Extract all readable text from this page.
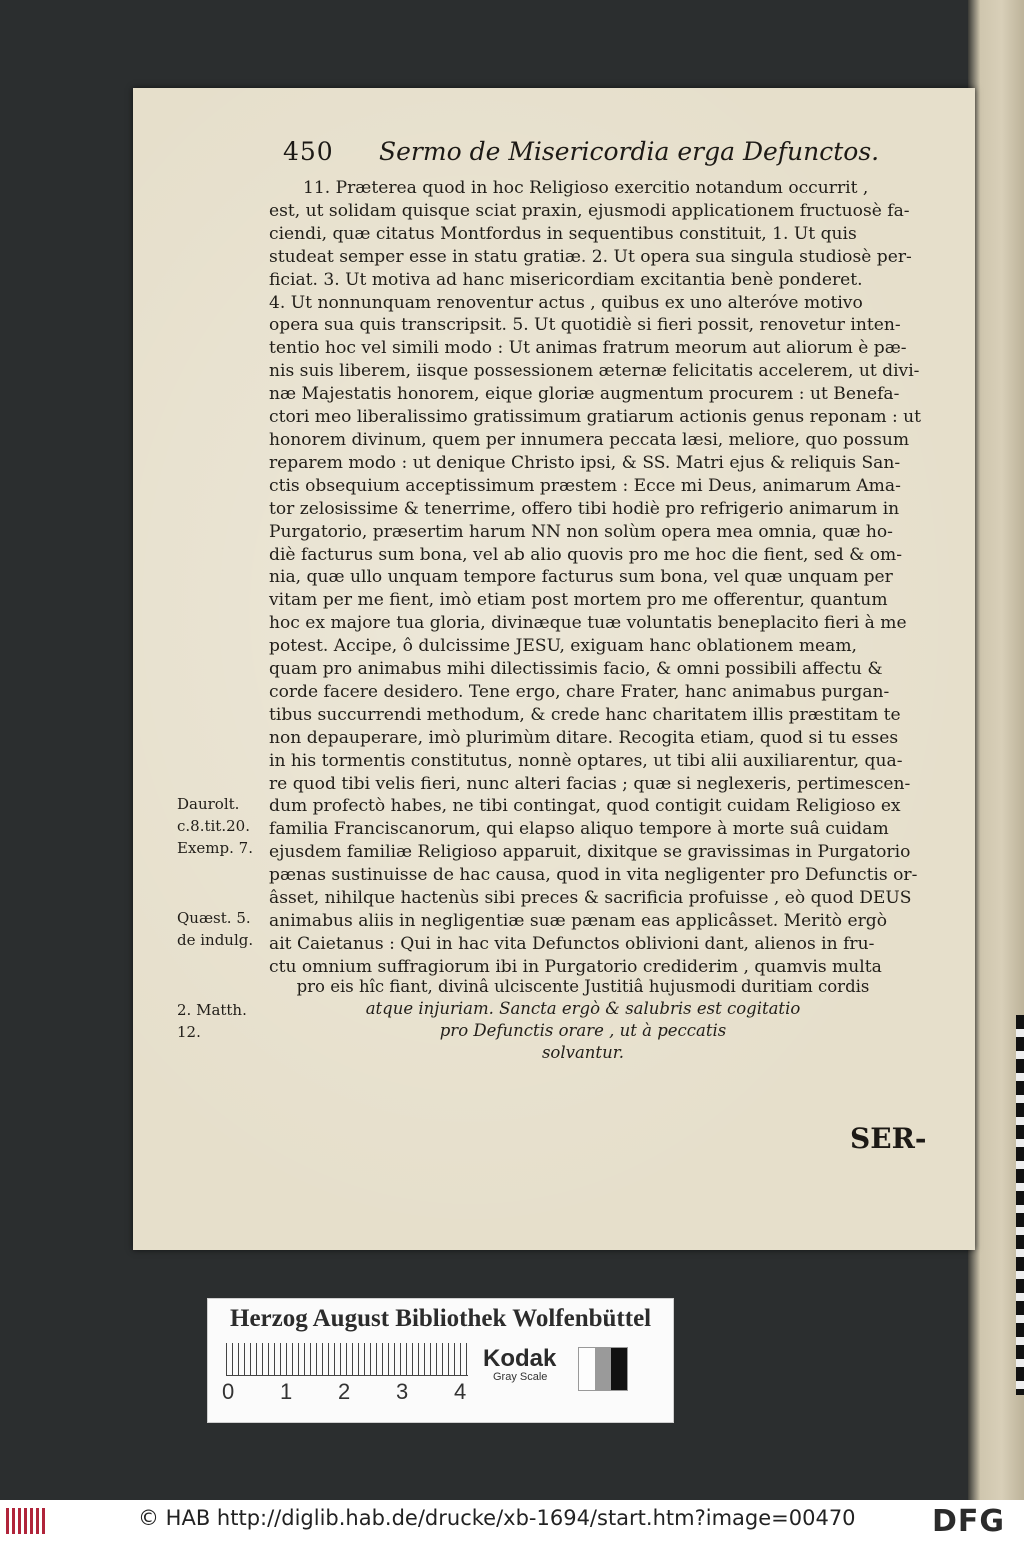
450 Sermo de Misericordia erga Defunctos.
11. Præterea quod in hoc Religioso exercitio notandum occurrit ,
est, ut solidam quisque sciat praxin, ejusmodi applicationem fructuosè fa-
ciendi, quæ citatus Montfordus in sequentibus constituit, 1. Ut quis
studeat semper esse in statu gratiæ. 2. Ut opera sua singula studiosè per-
ficiat. 3. Ut motiva ad hanc misericordiam excitantia benè ponderet.
4. Ut nonnunquam renoventur actus , quibus ex uno alteróve motivo
opera sua quis transcripsit. 5. Ut quotidiè si fieri possit, renovetur inten-
tentio hoc vel simili modo : Ut animas fratrum meorum aut aliorum è pæ-
nis suis liberem, iisque possessionem æternæ felicitatis accelerem, ut divi-
næ Majestatis honorem, eique gloriæ augmentum procurem : ut Benefa-
ctori meo liberalissimo gratissimum gratiarum actionis genus reponam : ut
honorem divinum, quem per innumera peccata læsi, meliore, quo possum
reparem modo : ut denique Christo ipsi, & SS. Matri ejus & reliquis San-
ctis obsequium acceptissimum præstem : Ecce mi Deus, animarum Ama-
tor zelosissime & tenerrime, offero tibi hodiè pro refrigerio animarum in
Purgatorio, præsertim harum NN non solùm opera mea omnia, quæ ho-
diè facturus sum bona, vel ab alio quovis pro me hoc die fient, sed & om-
nia, quæ ullo unquam tempore facturus sum bona, vel quæ unquam per
vitam per me fient, imò etiam post mortem pro me offerentur, quantum
hoc ex majore tua gloria, divinæque tuæ voluntatis beneplacito fieri à me
potest. Accipe, ô dulcissime JESU, exiguam hanc oblationem meam,
quam pro animabus mihi dilectissimis facio, & omni possibili affectu &
corde facere desidero. Tene ergo, chare Frater, hanc animabus purgan-
tibus succurrendi methodum, & crede hanc charitatem illis præstitam te
non depauperare, imò plurimùm ditare. Recogita etiam, quod si tu esses
in his tormentis constitutus, nonnè optares, ut tibi alii auxiliarentur, qua-
re quod tibi velis fieri, nunc alteri facias ; quæ si neglexeris, pertimescen-
dum profectò habes, ne tibi contingat, quod contigit cuidam Religioso ex
familia Franciscanorum, qui elapso aliquo tempore à morte suâ cuidam
ejusdem familiæ Religioso apparuit, dixitque se gravissimas in Purgatorio
pænas sustinuisse de hac causa, quod in vita negligenter pro Defunctis or-
âsset, nihilque hactenùs sibi preces & sacrificia profuisse , eò quod DEUS
animabus aliis in negligentiæ suæ pænam eas applicâsset. Meritò ergò
ait Caietanus : Qui in hac vita Defunctos oblivioni dant, alienos in fru-
ctu omnium suffragiorum ibi in Purgatorio crediderim , quamvis multa
pro eis hîc fiant, divinâ ulciscente Justitiâ hujusmodi duritiam cordis
atque injuriam. Sancta ergò & salubris est cogitatio
pro Defunctis orare , ut à peccatis
solvantur.
Daurolt.
c.8.tit.20.
Exemp. 7.
Quæst. 5.
de indulg.
2. Matth.
12.
SER-
Herzog August Bibliothek Wolfenbüttel
0 1 2 3 4
Kodak
Gray Scale
© HAB http://diglib.hab.de/drucke/xb-1694/start.htm?image=00470	DFG
